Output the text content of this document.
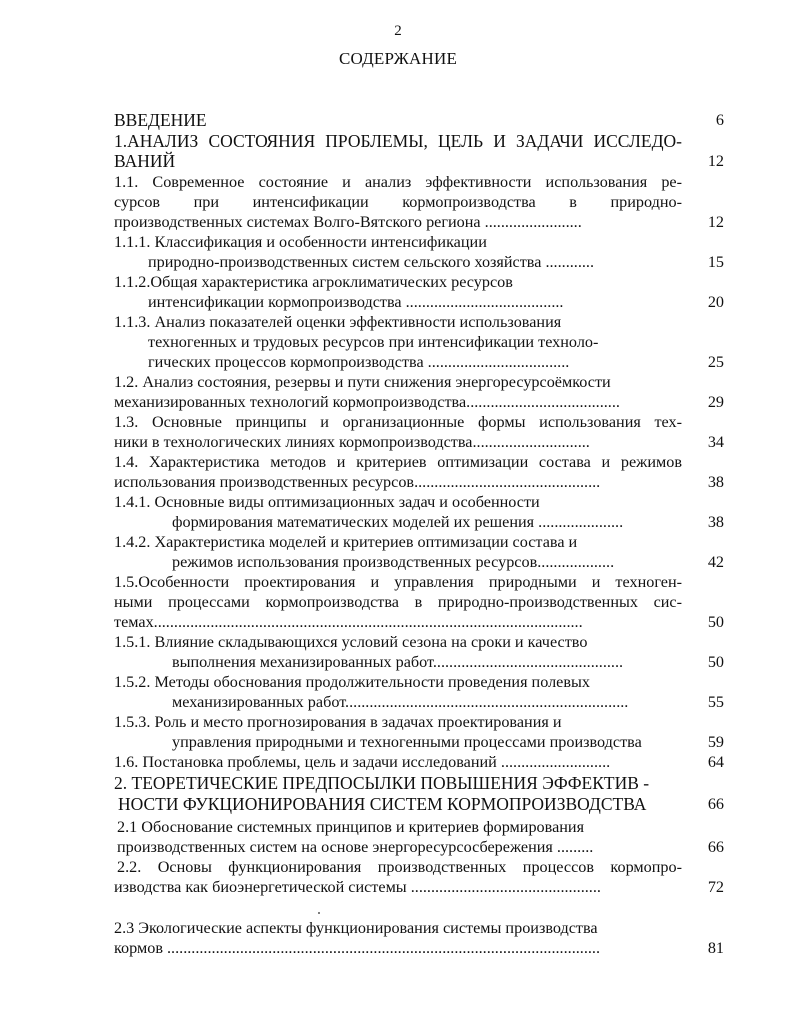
2
СОДЕРЖАНИЕ
ВВЕДЕНИЕ	6
1.АНАЛИЗ СОСТОЯНИЯ ПРОБЛЕМЫ, ЦЕЛЬ И ЗАДАЧИ ИССЛЕДО-
ВАНИЙ	12
1.1. Современное состояние и анализ эффективности использования ре-
сурсов при интенсификации кормопроизводства в природно-
производственных системах Волго-Вятского региона ........................	12
1.1.1. Классификация и особенности интенсификации
природно-производственных систем сельского хозяйства ............	15
1.1.2.Общая характеристика агроклиматических ресурсов
интенсификации кормопроизводства .......................................	20
1.1.3. Анализ показателей оценки эффективности использования
техногенных и трудовых ресурсов при интенсификации техноло-
гических процессов кормопроизводства ...................................	25
1.2. Анализ состояния, резервы и пути снижения энергоресурсоёмкости
механизированных технологий кормопроизводства......................................	29
1.3. Основные принципы и организационные формы использования тех-
ники в технологических линиях кормопроизводства.............................	34
1.4. Характеристика методов и критериев оптимизации состава и режимов
использования производственных ресурсов..............................................	38
1.4.1. Основные виды оптимизационных задач и особенности
формирования математических моделей их решения .....................	38
1.4.2. Характеристика моделей и критериев оптимизации состава и
режимов использования производственных ресурсов...................	42
1.5.Особенности проектирования и управления природными и техноген-
ными процессами кормопроизводства в природно-производственных сис-
темах..........................................................................................................	50
1.5.1. Влияние складывающихся условий сезона на сроки и качество
выполнения механизированных работ...............................................	50
1.5.2. Методы обоснования продолжительности проведения полевых
механизированных работ......................................................................	55
1.5.3. Роль и место прогнозирования в задачах проектирования и
управления природными и техногенными процессами производства	59
1.6. Постановка проблемы, цель и задачи исследований ...........................	64
2. ТЕОРЕТИЧЕСКИЕ ПРЕДПОСЫЛКИ ПОВЫШЕНИЯ ЭФФЕКТИВ -
НОСТИ ФУКЦИОНИРОВАНИЯ СИСТЕМ КОРМОПРОИЗВОДСТВА	66
2.1 Обоснование системных принципов и критериев формирования
производственных систем на основе энергоресурсосбережения .........	66
2.2. Основы функционирования производственных процессов кормопро-
изводства как биоэнергетической системы ...............................................	72
2.3 Экологические аспекты функционирования системы производства
кормов ...........................................................................................................	81
